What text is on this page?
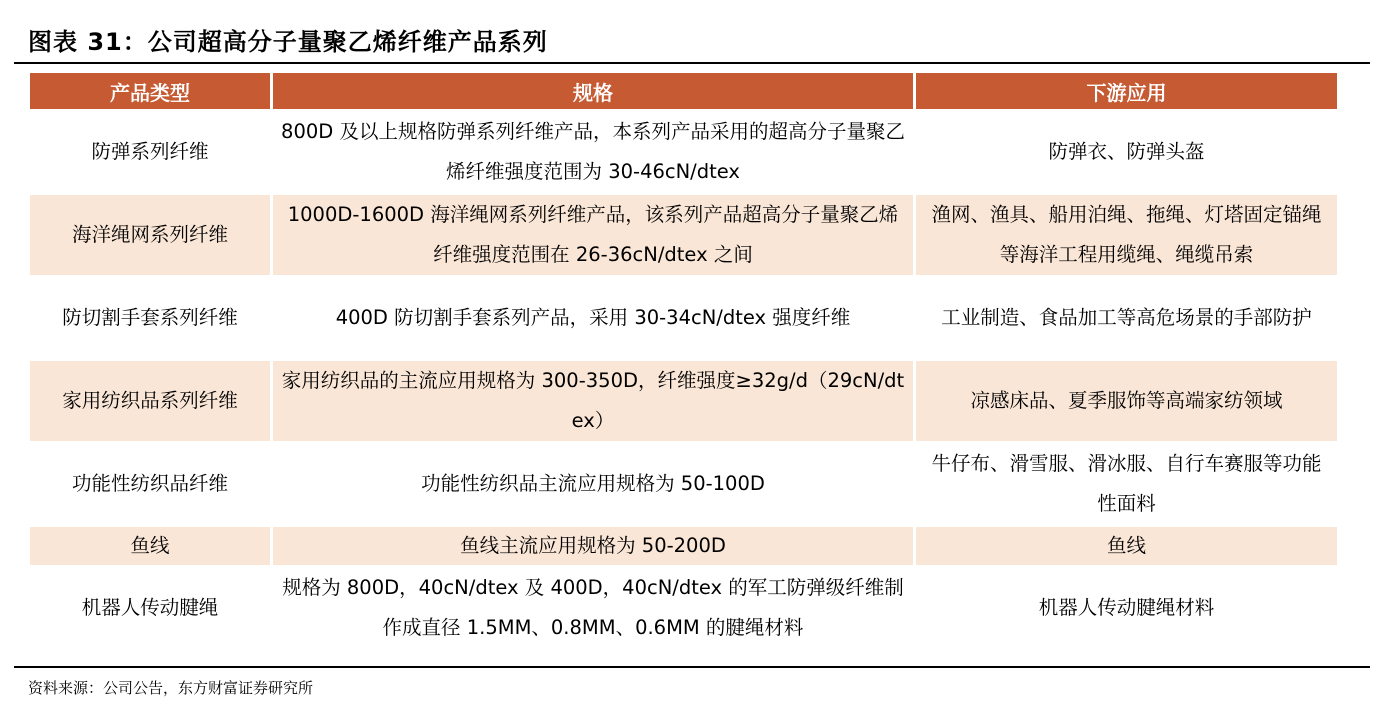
图表 31：公司超高分子量聚乙烯纤维产品系列
产品类型	规格	下游应用
防弹系列纤维	800D 及以上规格防弹系列纤维产品，本系列产品采用的超高分子量聚乙烯纤维强度范围为 30-46cN/dtex	防弹衣、防弹头盔
海洋绳网系列纤维	1000D-1600D 海洋绳网系列纤维产品，该系列产品超高分子量聚乙烯纤维强度范围在 26-36cN/dtex 之间	渔网、渔具、船用泊绳、拖绳、灯塔固定锚绳等海洋工程用缆绳、绳缆吊索
防切割手套系列纤维	400D 防切割手套系列产品，采用 30-34cN/dtex 强度纤维	工业制造、食品加工等高危场景的手部防护
家用纺织品系列纤维	家用纺织品的主流应用规格为 300-350D，纤维强度≥32g/d（29cN/dtex）	凉感床品、夏季服饰等高端家纺领域
功能性纺织品纤维	功能性纺织品主流应用规格为 50-100D	牛仔布、滑雪服、滑冰服、自行车赛服等功能性面料
鱼线	鱼线主流应用规格为 50-200D	鱼线
机器人传动腱绳	规格为 800D，40cN/dtex 及 400D，40cN/dtex 的军工防弹级纤维制作成直径 1.5MM、0.8MM、0.6MM 的腱绳材料	机器人传动腱绳材料
资料来源：公司公告，东方财富证券研究所
